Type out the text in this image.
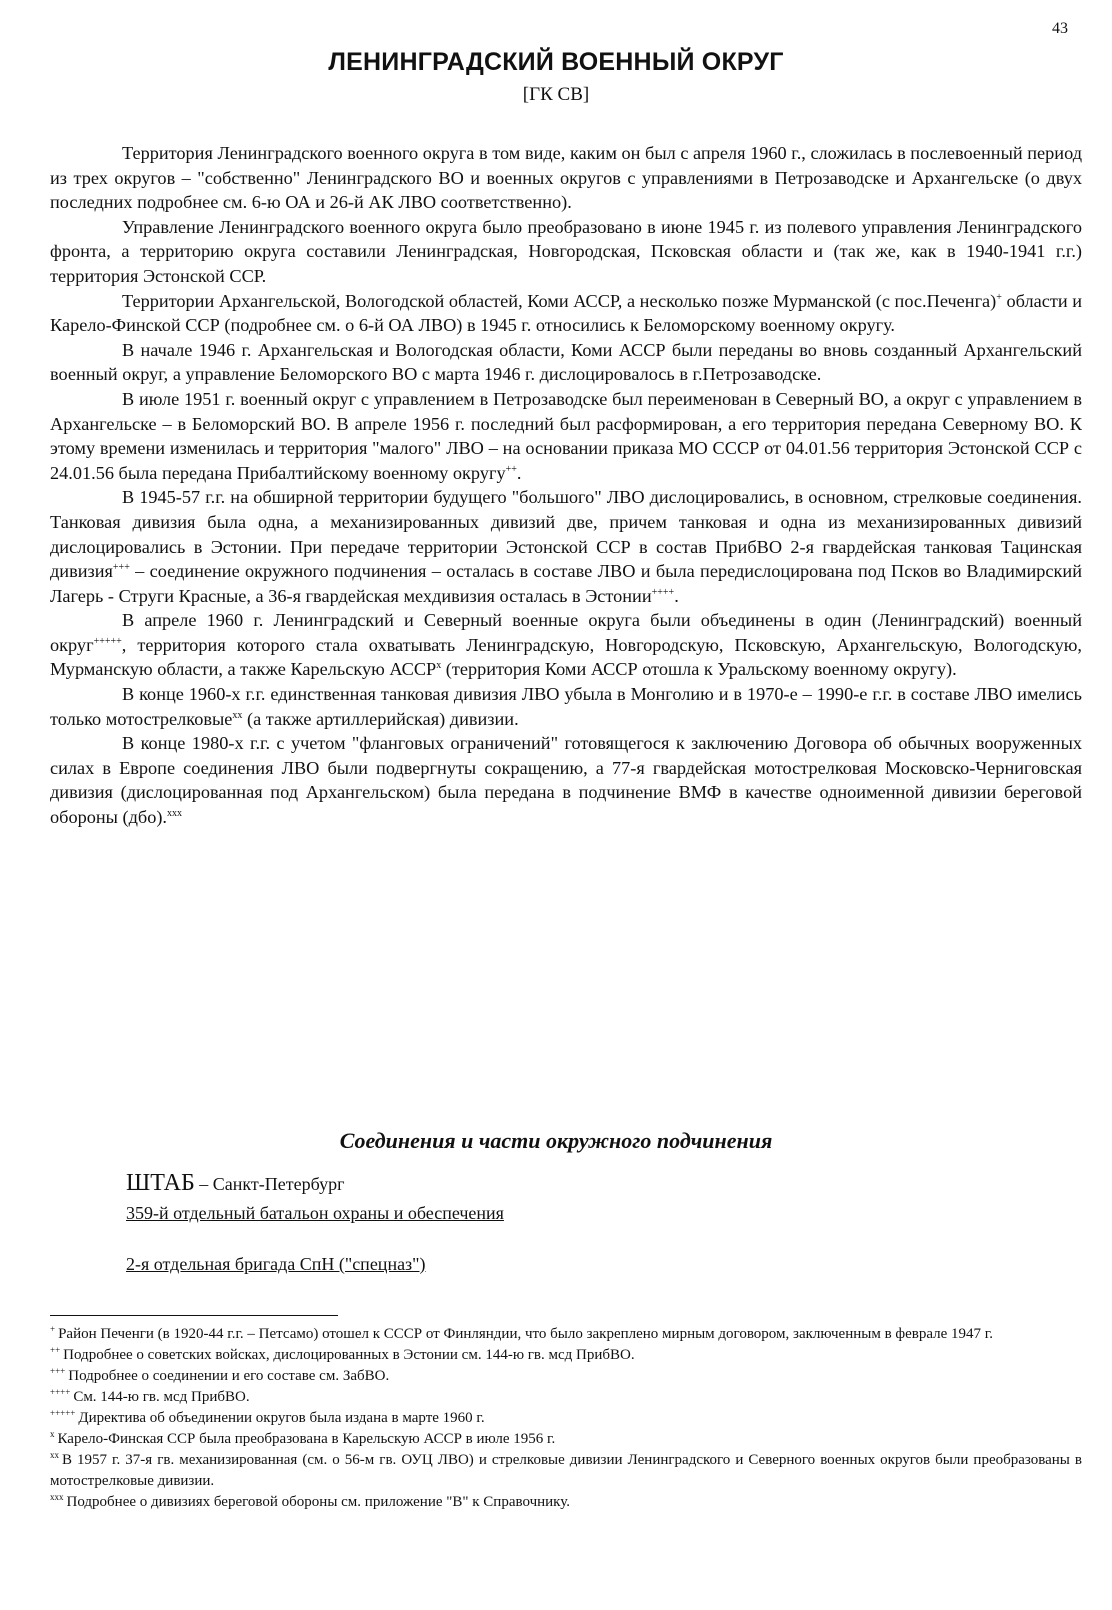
43
ЛЕНИНГРАДСКИЙ ВОЕННЫЙ ОКРУГ
[ГК СВ]

Территория Ленинградского военного округа в том виде, каким он был с апреля 1960 г., сложилась в послевоенный период из трех округов – "собственно" Ленинградского ВО и военных округов с управлениями в Петрозаводске и Архангельске (о двух последних подробнее см. 6-ю ОА и 26-й АК ЛВО соответственно).

Управление Ленинградского военного округа было преобразовано в июне 1945 г. из полевого управления Ленинградского фронта, а территорию округа составили Ленинградская, Новгородская, Псковская области и (так же, как в 1940-1941 г.г.) территория Эстонской ССР.

Территории Архангельской, Вологодской областей, Коми АССР, а несколько позже Мурманской (с пос.Печенга)+ области и Карело-Финской ССР (подробнее см. о 6-й ОА ЛВО) в 1945 г. относились к Беломорскому военному округу.

В начале 1946 г. Архангельская и Вологодская области, Коми АССР были переданы во вновь созданный Архангельский военный округ, а управление Беломорского ВО с марта 1946 г. дислоцировалось в г.Петрозаводске.

В июле 1951 г. военный округ с управлением в Петрозаводске был переименован в Северный ВО, а округ с управлением в Архангельске – в Беломорский ВО. В апреле 1956 г. последний был расформирован, а его территория передана Северному ВО. К этому времени изменилась и территория "малого" ЛВО – на основании приказа МО СССР от 04.01.56 территория Эстонской ССР с 24.01.56 была передана Прибалтийскому военному округу++.

В 1945-57 г.г. на обширной территории будущего "большого" ЛВО дислоцировались, в основном, стрелковые соединения. Танковая дивизия была одна, а механизированных дивизий две, причем танковая и одна из механизированных дивизий дислоцировались в Эстонии. При передаче территории Эстонской ССР в состав ПрибВО 2-я гвардейская танковая Тацинская дивизия+++ – соединение окружного подчинения – осталась в составе ЛВО и была передислоцирована под Псков во Владимирский Лагерь - Струги Красные, а 36-я гвардейская мехдивизия осталась в Эстонии++++.

В апреле 1960 г. Ленинградский и Северный военные округа были объединены в один (Ленинградский) военный округ+++++, территория которого стала охватывать Ленинградскую, Новгородскую, Псковскую, Архангельскую, Вологодскую, Мурманскую области, а также Карельскую АССР$^x$ (территория Коми АССР отошла к Уральскому военному округу).

В конце 1960-х г.г. единственная танковая дивизия ЛВО убыла в Монголию и в 1970-е – 1990-е г.г. в составе ЛВО имелись только мотострелковые$^{xx}$ (а также артиллерийская) дивизии.

В конце 1980-х г.г. с учетом "фланговых ограничений" готовящегося к заключению Договора об обычных вооруженных силах в Европе соединения ЛВО были подвергнуты сокращению, а 77-я гвардейская мотострелковая Московско-Черниговская дивизия (дислоцированная под Архангельском) была передана в подчинение ВМФ в качестве одноименной дивизии береговой обороны (дбо).$^{xxx}$

Соединения и части окружного подчинения
ШТАБ – Санкт-Петербург
359-й отдельный батальон охраны и обеспечения
2-я отдельная бригада СпН ("спецназ")

+ Район Печенги (в 1920-44 г.г. – Петсамо) отошел к СССР от Финляндии, что было закреплено мирным договором, заключенным в феврале 1947 г.

++ Подробнее о советских войсках, дислоцированных в Эстонии см. 144-ю гв. мсд ПрибВО.

+++ Подробнее о соединении и его составе см. ЗабВО.

++++ См. 144-ю гв. мсд ПрибВО.

+++++ Директива об объединении округов была издана в марте 1960 г.

$^x$ Карело-Финская ССР была преобразована в Карельскую АССР в июле 1956 г.

$^{xx}$ В 1957 г. 37-я гв. механизированная (см. о 56-м гв. ОУЦ ЛВО) и стрелковые дивизии Ленинградского и Северного военных округов были преобразованы в мотострелковые дивизии.

$^{xxx}$ Подробнее о дивизиях береговой обороны см. приложение "В" к Справочнику.
